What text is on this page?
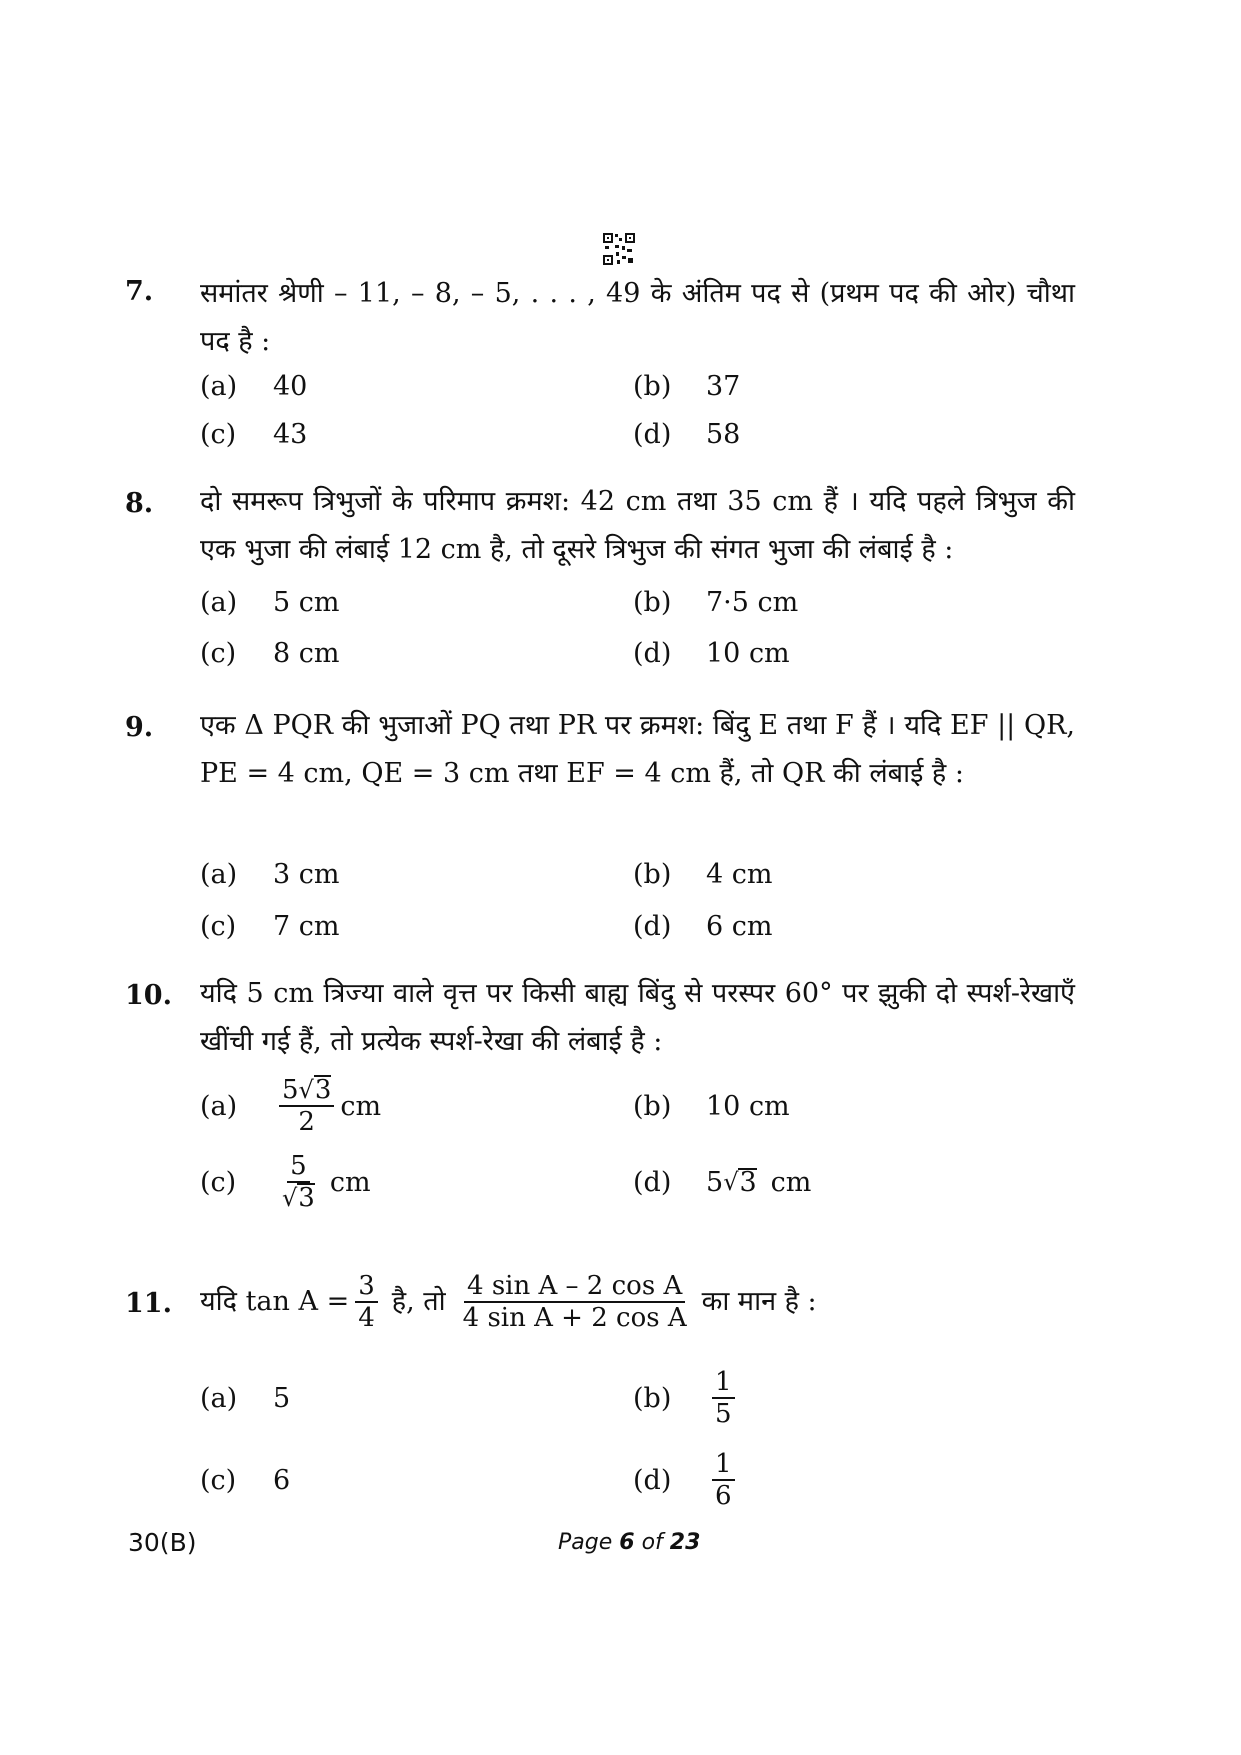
7. समांतर श्रेणी – 11, – 8, – 5, . . . , 49 के अंतिम पद से (प्रथम पद की ओर) चौथा पद है :
(a)	40	(b)	37
(c)	43	(d)	58
8. दो समरूप त्रिभुजों के परिमाप क्रमश: 42 cm तथा 35 cm हैं । यदि पहले त्रिभुज की एक भुजा की लंबाई 12 cm है, तो दूसरे त्रिभुज की संगत भुजा की लंबाई है :
(a)	5 cm	(b)	7·5 cm
(c)	8 cm	(d)	10 cm
9. एक Δ PQR की भुजाओं PQ तथा PR पर क्रमश: बिंदु E तथा F हैं । यदि EF || QR, PE = 4 cm, QE = 3 cm तथा EF = 4 cm हैं, तो QR की लंबाई है :
(a)	3 cm	(b)	4 cm
(c)	7 cm	(d)	6 cm
10. यदि 5 cm त्रिज्या वाले वृत्त पर किसी बाह्य बिंदु से परस्पर 60° पर झुकी दो स्पर्श-रेखाएँ खींची गई हैं, तो प्रत्येक स्पर्श-रेखा की लंबाई है :
(a)	$\frac{5 √ 3}{2}$ cm	(b)	10 cm
(c)	$\frac{5}{√ 3}$ cm	(d)	5 √ 3 cm
11. यदि $\tan A = \frac{3}{4}$ है, तो $\frac{\text{4 sin A – 2 cos A}}{\text{4 sin A + 2 cos A}}$ का मान है :
(a)	5	(b)	$\frac{1}{5}$
(c)	6	(d)	$\frac{1}{6}$
30(B)	Page 6 of 23
